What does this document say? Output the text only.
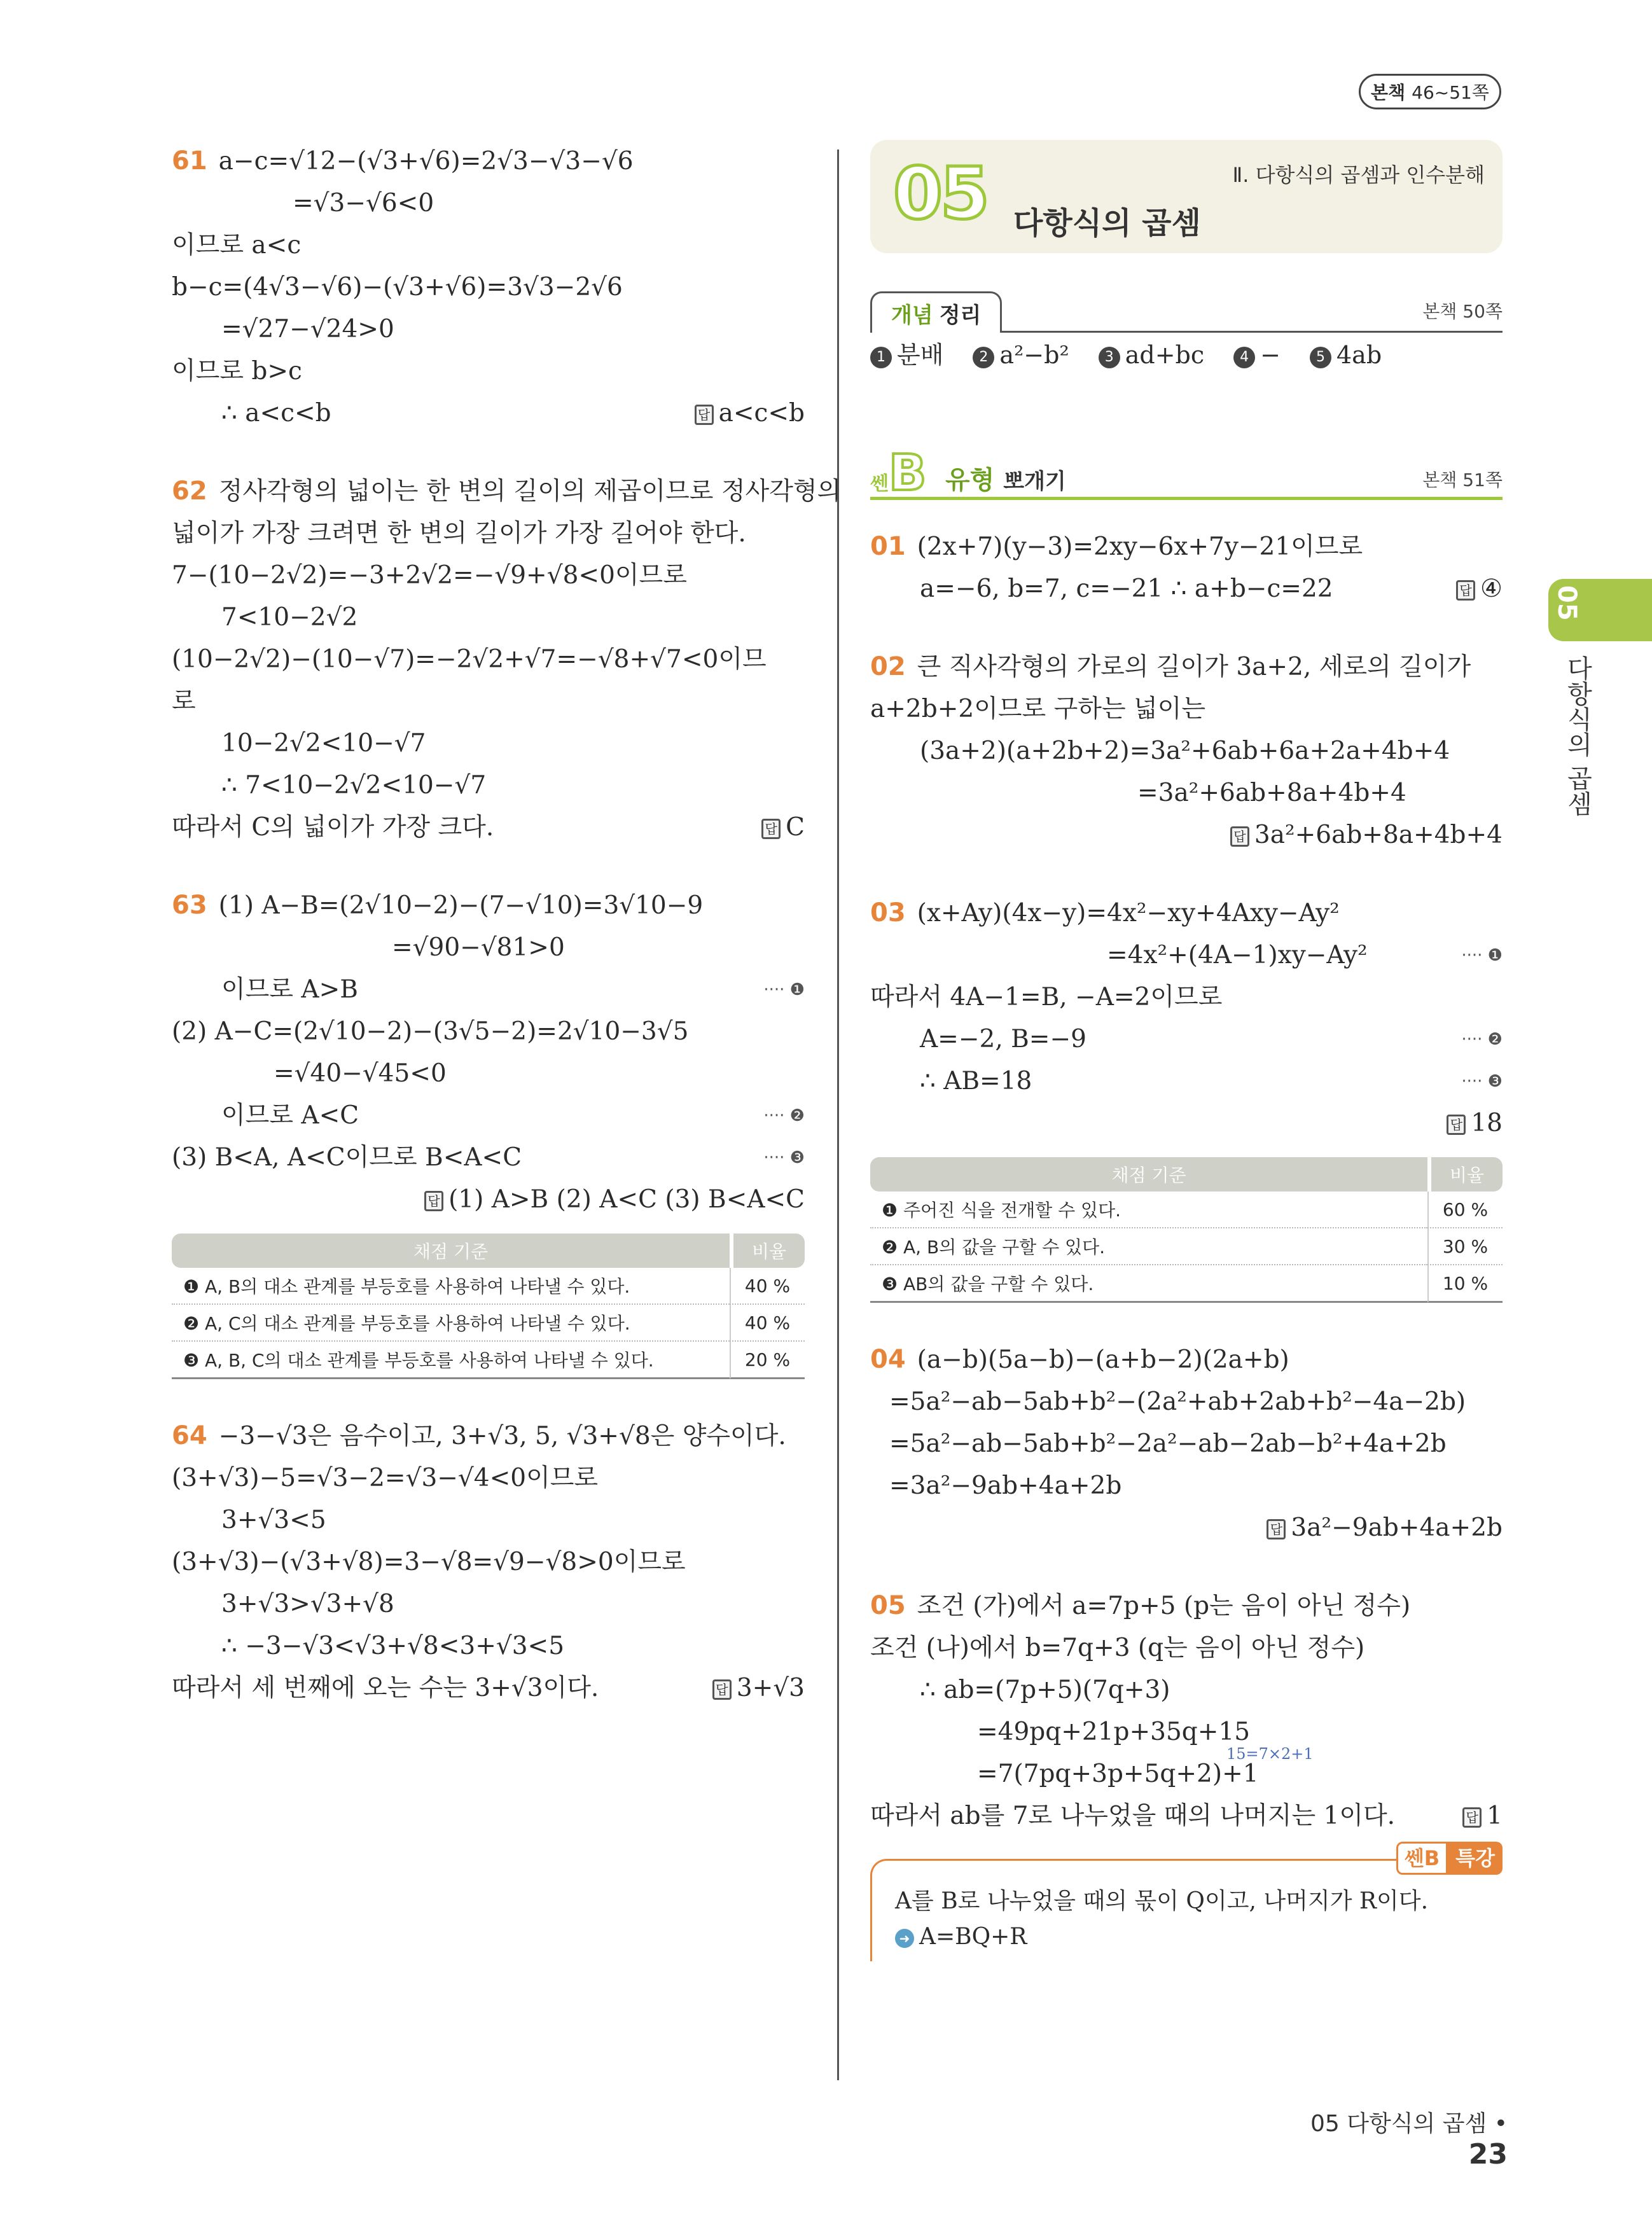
본책 46~51쪽
61 a−c=√12−(√3+√6)=2√3−√3−√6
=√3−√6<0
이므로 a<c
b−c=(4√3−√6)−(√3+√6)=3√3−2√6
=√27−√24>0
이므로 b>c
∴ a<c<b	답 a<c<b
62 정사각형의 넓이는 한 변의 길이의 제곱이므로 정사각형의
넓이가 가장 크려면 한 변의 길이가 가장 길어야 한다.
7−(10−2√2)=−3+2√2=−√9+√8<0이므로
7<10−2√2
(10−2√2)−(10−√7)=−2√2+√7=−√8+√7<0이므
로
10−2√2<10−√7
∴ 7<10−2√2<10−√7
따라서 C의 넓이가 가장 크다.	답 C
63 (1) A−B=(2√10−2)−(7−√10)=3√10−9
=√90−√81>0
이므로 A>B	···· ❶
(2) A−C=(2√10−2)−(3√5−2)=2√10−3√5
=√40−√45<0
이므로 A<C	···· ❷
(3) B<A, A<C이므로 B<A<C	···· ❸

답 (1) A>B (2) A<C (3) B<A<C
채점 기준	비율
❶ A, B의 대소 관계를 부등호를 사용하여 나타낼 수 있다.	40 %
❷ A, C의 대소 관계를 부등호를 사용하여 나타낼 수 있다.	40 %
❸ A, B, C의 대소 관계를 부등호를 사용하여 나타낼 수 있다.	20 %
64 −3−√3은 음수이고, 3+√3, 5, √3+√8은 양수이다.
(3+√3)−5=√3−2=√3−√4<0이므로
3+√3<5
(3+√3)−(√3+√8)=3−√8=√9−√8>0이므로
3+√3>√3+√8
∴ −3−√3<√3+√8<3+√3<5
따라서 세 번째에 오는 수는 3+√3이다.	답 3+√3
05 다항식의 곱셈
Ⅱ. 다항식의 곱셈과 인수분해
개념 정리	본책 50쪽
1 분배	2 a²−b²	3 ad+bc	4 −	5 4ab
쎈B 유형 뽀개기	본책 51쪽
01 (2x+7)(y−3)=2xy−6x+7y−21이므로
a=−6, b=7, c=−21 ∴ a+b−c=22	답 ④
02 큰 직사각형의 가로의 길이가 3a+2, 세로의 길이가
a+2b+2이므로 구하는 넓이는
(3a+2)(a+2b+2)=3a²+6ab+6a+2a+4b+4
=3a²+6ab+8a+4b+4

답 3a²+6ab+8a+4b+4
03 (x+Ay)(4x−y)=4x²−xy+4Axy−Ay²
=4x²+(4A−1)xy−Ay²	···· ❶
따라서 4A−1=B, −A=2이므로
A=−2, B=−9	···· ❷
∴ AB=18	···· ❸

답 18
채점 기준	비율
❶ 주어진 식을 전개할 수 있다.	60 %
❷ A, B의 값을 구할 수 있다.	30 %
❸ AB의 값을 구할 수 있다.	10 %
04 (a−b)(5a−b)−(a+b−2)(2a+b)
=5a²−ab−5ab+b²−(2a²+ab+2ab+b²−4a−2b)
=5a²−ab−5ab+b²−2a²−ab−2ab−b²+4a+2b
=3a²−9ab+4a+2b

답 3a²−9ab+4a+2b
05 조건 (가)에서 a=7p+5 (p는 음이 아닌 정수)
조건 (나)에서 b=7q+3 (q는 음이 아닌 정수)
∴ ab=(7p+5)(7q+3)
=49pq+21p+35q+15
15=7×2+1
=7(7pq+3p+5q+2)+1
따라서 ab를 7로 나누었을 때의 나머지는 1이다.	답 1
쎈B 특강
A를 B로 나누었을 때의 몫이 Q이고, 나머지가 R이다.
➜ A=BQ+R
05
다항식의 곱셈
05 다항식의 곱셈 • 23
